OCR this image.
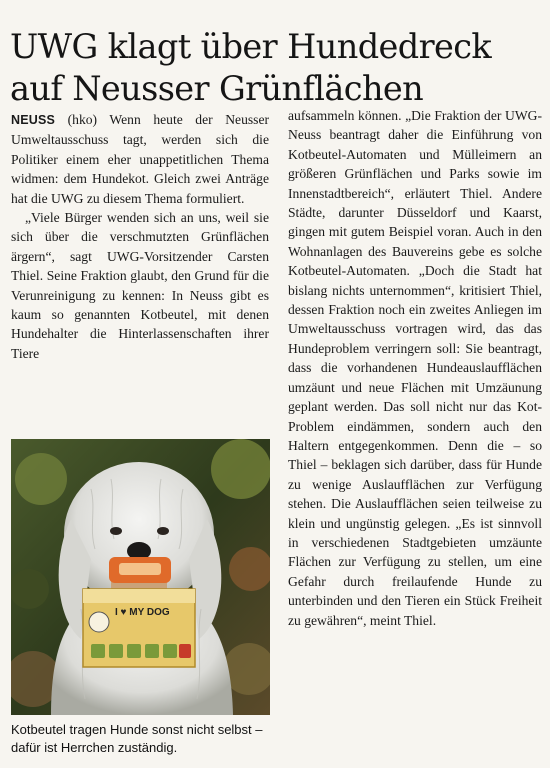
UWG klagt über Hundedreck
auf Neusser Grünflächen

NEUSS (hko) Wenn heute der Neusser Umweltausschuss tagt, werden sich die Politiker einem eher unappetitlichen Thema widmen: dem Hundekot. Gleich zwei Anträge hat die UWG zu diesem Thema formuliert.

„Viele Bürger wenden sich an uns, weil sie sich über die verschmutzten Grünflächen ärgern“, sagt UWG-Vorsitzender Carsten Thiel. Seine Fraktion glaubt, den Grund für die Verunreinigung zu kennen: In Neuss gibt es kaum so genannten Kotbeutel, mit denen Hundehalter die Hinterlassenschaften ihrer Tiere

I ♥ MY DOG
Kotbeutel tragen Hunde sonst nicht selbst – dafür ist Herrchen zuständig.

aufsammeln können. „Die Fraktion der UWG-Neuss beantragt daher die Einführung von Kotbeutel-Automaten und Mülleimern an größeren Grünflächen und Parks sowie im Innenstadtbereich“, erläutert Thiel. Andere Städte, darunter Düsseldorf und Kaarst, gingen mit gutem Beispiel voran. Auch in den Wohnanlagen des Bauvereins gebe es solche Kotbeutel-Automaten. „Doch die Stadt hat bislang nichts unternommen“, kritisiert Thiel, dessen Fraktion noch ein zweites Anliegen im Umweltausschuss vortragen wird, das das Hundeproblem verringern soll: Sie beantragt, dass die vorhandenen Hundeauslaufflächen umzäunt und neue Flächen mit Umzäunung geplant werden. Das soll nicht nur das Kot-Problem eindämmen, sondern auch den Haltern entgegenkommen. Denn die – so Thiel – beklagen sich darüber, dass für Hunde zu wenige Auslaufflächen zur Verfügung stehen. Die Auslaufflächen seien teilweise zu klein und ungünstig gelegen. „Es ist sinnvoll in verschiedenen Stadtgebieten umzäunte Flächen zur Verfügung zu stellen, um eine Gefahr durch freilaufende Hunde zu unterbinden und den Tieren ein Stück Freiheit zu gewähren“, meint Thiel.
